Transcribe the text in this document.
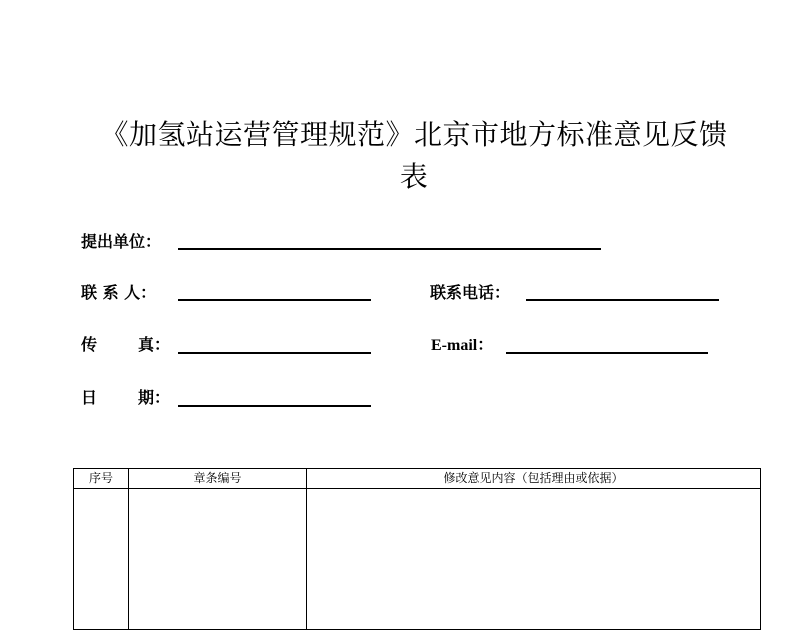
《加氢站运营管理规范》北京市地方标准意见反馈
表
提出单位：
联 系 人：	联系电话：
传	真：	E-mail：
日	期：
序号	章条编号	修改意见内容（包括理由或依据）
